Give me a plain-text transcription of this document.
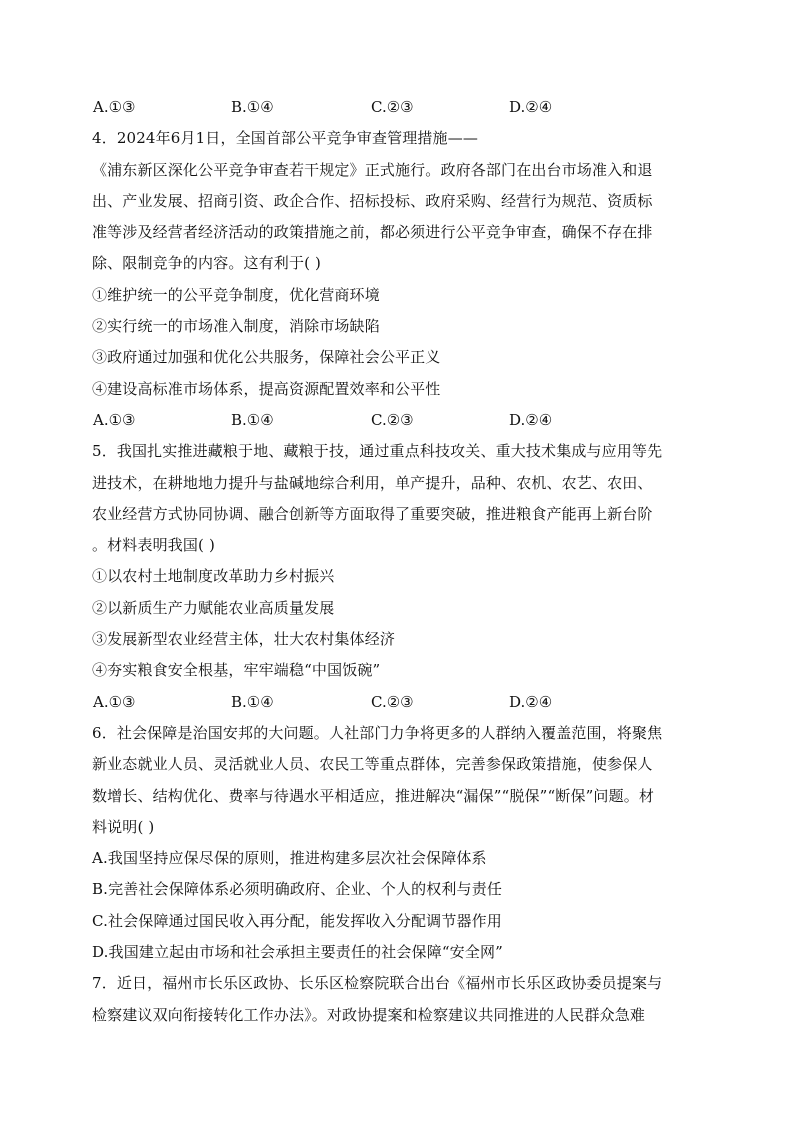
A.①③	B.①④	C.②③	D.②④
4．2024年6月1日，全国首部公平竞争审查管理措施——
《浦东新区深化公平竞争审查若干规定》正式施行。政府各部门在出台市场准入和退
出、产业发展、招商引资、政企合作、招标投标、政府采购、经营行为规范、资质标
准等涉及经营者经济活动的政策措施之前，都必须进行公平竞争审查，确保不存在排
除、限制竞争的内容。这有利于( )
①维护统一的公平竞争制度，优化营商环境
②实行统一的市场准入制度，消除市场缺陷
③政府通过加强和优化公共服务，保障社会公平正义
④建设高标准市场体系，提高资源配置效率和公平性
A.①③	B.①④	C.②③	D.②④
5．我国扎实推进藏粮于地、藏粮于技，通过重点科技攻关、重大技术集成与应用等先
进技术，在耕地地力提升与盐碱地综合利用，单产提升，品种、农机、农艺、农田、
农业经营方式协同协调、融合创新等方面取得了重要突破，推进粮食产能再上新台阶
。材料表明我国( )
①以农村土地制度改革助力乡村振兴
②以新质生产力赋能农业高质量发展
③发展新型农业经营主体，壮大农村集体经济
④夯实粮食安全根基，牢牢端稳“中国饭碗”
A.①③	B.①④	C.②③	D.②④
6．社会保障是治国安邦的大问题。人社部门力争将更多的人群纳入覆盖范围，将聚焦
新业态就业人员、灵活就业人员、农民工等重点群体，完善参保政策措施，使参保人
数增长、结构优化、费率与待遇水平相适应，推进解决“漏保”“脱保”“断保”问题。材
料说明( )
A.我国坚持应保尽保的原则，推进构建多层次社会保障体系
B.完善社会保障体系必须明确政府、企业、个人的权利与责任
C.社会保障通过国民收入再分配，能发挥收入分配调节器作用
D.我国建立起由市场和社会承担主要责任的社会保障“安全网”
7．近日，福州市长乐区政协、长乐区检察院联合出台《福州市长乐区政协委员提案与
检察建议双向衔接转化工作办法》。对政协提案和检察建议共同推进的人民群众急难
